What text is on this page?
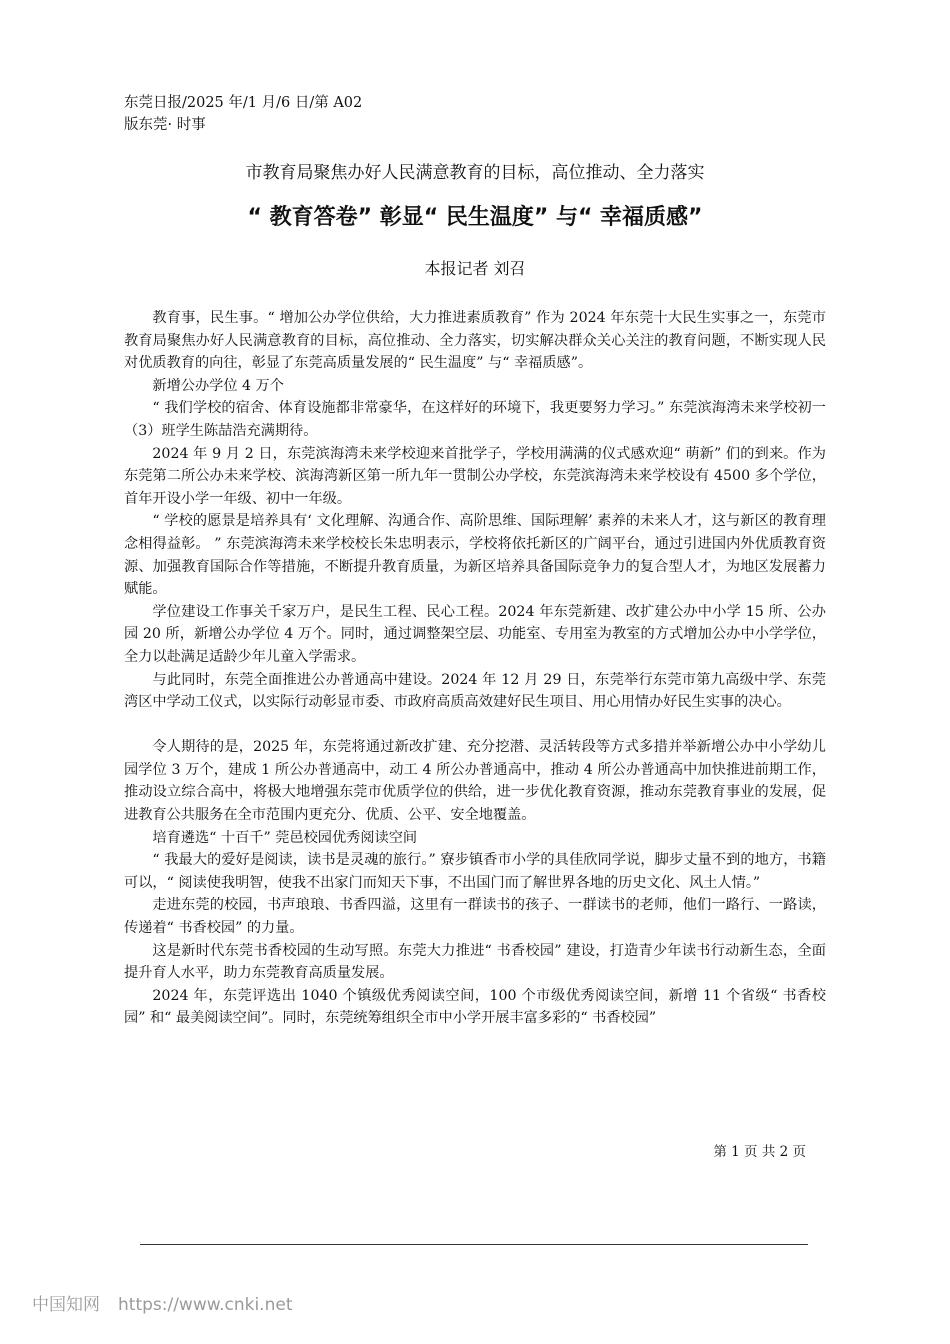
东莞日报/2025 年/1 月/6 日/第 A02
版东莞· 时事
市教育局聚焦办好人民满意教育的目标，高位推动、全力落实
“ 教育答卷” 彰显“ 民生温度” 与“ 幸福质感”
本报记者 刘召

教育事，民生事。“ 增加公办学位供给，大力推进素质教育” 作为 2024 年东莞十大民生实事之一，东莞市教育局聚焦办好人民满意教育的目标，高位推动、全力落实，切实解决群众关心关注的教育问题，不断实现人民对优质教育的向往，彰显了东莞高质量发展的“ 民生温度” 与“ 幸福质感”。

新增公办学位 4 万个

“ 我们学校的宿舍、体育设施都非常豪华，在这样好的环境下，我更要努力学习。” 东莞滨海湾未来学校初一（3）班学生陈喆浩充满期待。

2024 年 9 月 2 日，东莞滨海湾未来学校迎来首批学子，学校用满满的仪式感欢迎“ 萌新” 们的到来。作为东莞第二所公办未来学校、滨海湾新区第一所九年一贯制公办学校，东莞滨海湾未来学校设有 4500 多个学位，首年开设小学一年级、初中一年级。

“ 学校的愿景是培养具有‘ 文化理解、沟通合作、高阶思维、国际理解’ 素养的未来人才，这与新区的教育理念相得益彰。 ” 东莞滨海湾未来学校校长朱忠明表示，学校将依托新区的广阔平台，通过引进国内外优质教育资源、加强教育国际合作等措施，不断提升教育质量，为新区培养具备国际竞争力的复合型人才，为地区发展蓄力赋能。

学位建设工作事关千家万户，是民生工程、民心工程。2024 年东莞新建、改扩建公办中小学 15 所、公办园 20 所，新增公办学位 4 万个。同时，通过调整架空层、功能室、专用室为教室的方式增加公办中小学学位，全力以赴满足适龄少年儿童入学需求。

与此同时，东莞全面推进公办普通高中建设。2024 年 12 月 29 日，东莞举行东莞市第九高级中学、东莞湾区中学动工仪式，以实际行动彰显市委、市政府高质高效建好民生项目、用心用情办好民生实事的决心。

令人期待的是，2025 年，东莞将通过新改扩建、充分挖潜、灵活转段等方式多措并举新增公办中小学幼儿园学位 3 万个，建成 1 所公办普通高中，动工 4 所公办普通高中，推动 4 所公办普通高中加快推进前期工作，推动设立综合高中，将极大地增强东莞市优质学位的供给，进一步优化教育资源，推动东莞教育事业的发展，促进教育公共服务在全市范围内更充分、优质、公平、安全地覆盖。

培育遴选“ 十百千” 莞邑校园优秀阅读空间

“ 我最大的爱好是阅读，读书是灵魂的旅行。” 寮步镇香市小学的具佳欣同学说，脚步丈量不到的地方，书籍可以，“ 阅读使我明智，使我不出家门而知天下事，不出国门而了解世界各地的历史文化、风土人情。”

走进东莞的校园，书声琅琅、书香四溢，这里有一群读书的孩子、一群读书的老师，他们一路行、一路读，传递着“ 书香校园” 的力量。

这是新时代东莞书香校园的生动写照。东莞大力推进“ 书香校园” 建设，打造青少年读书行动新生态，全面提升育人水平，助力东莞教育高质量发展。

2024 年，东莞评选出 1040 个镇级优秀阅读空间，100 个市级优秀阅读空间，新增 11 个省级“ 书香校园” 和“ 最美阅读空间”。同时，东莞统筹组织全市中小学开展丰富多彩的“ 书香校园”

第 1 页 共 2 页
中国知网 https://www.cnki.net
